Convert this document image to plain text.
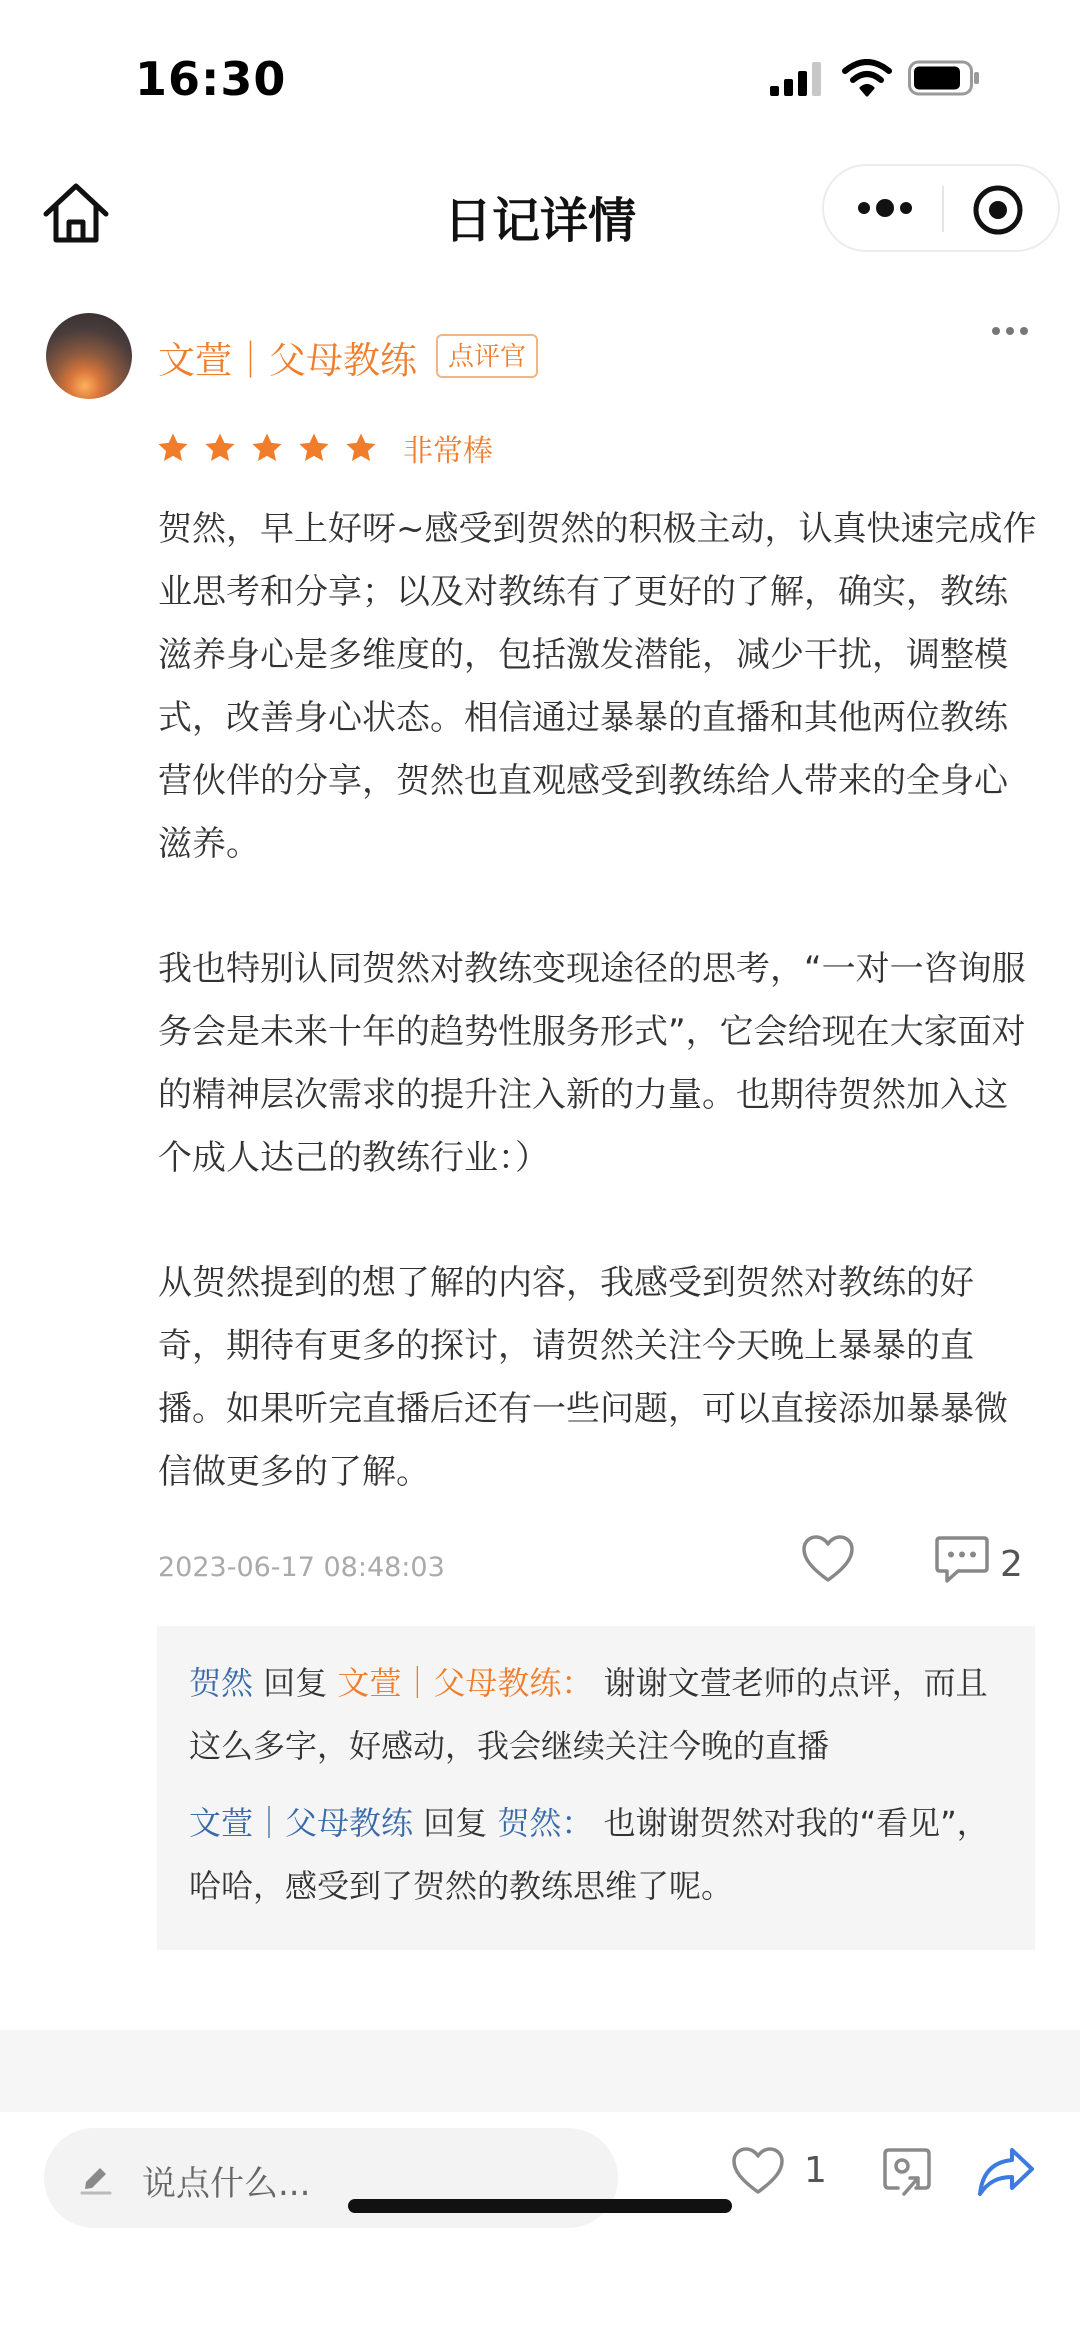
16:30
日记详情
文萱｜父母教练	点评官
非常棒

贺然，早上好呀~感受到贺然的积极主动，认真快速完成作业思考和分享；以及对教练有了更好的了解，确实，教练滋养身心是多维度的，包括激发潜能，减少干扰，调整模式，改善身心状态。相信通过暴暴的直播和其他两位教练营伙伴的分享，贺然也直观感受到教练给人带来的全身心滋养。

我也特别认同贺然对教练变现途径的思考，“一对一咨询服务会是未来十年的趋势性服务形式”，它会给现在大家面对的精神层次需求的提升注入新的力量。也期待贺然加入这个成人达己的教练行业：）

从贺然提到的想了解的内容，我感受到贺然对教练的好奇，期待有更多的探讨，请贺然关注今天晚上暴暴的直播。如果听完直播后还有一些问题，可以直接添加暴暴微信做更多的了解。

2023-06-17 08:48:03	2
贺然 回复 文萱｜父母教练： 谢谢文萱老师的点评，而且这么多字，好感动，我会继续关注今晚的直播
文萱｜父母教练 回复 贺然： 也谢谢贺然对我的“看见”，哈哈，感受到了贺然的教练思维了呢。
说点什么...	1
